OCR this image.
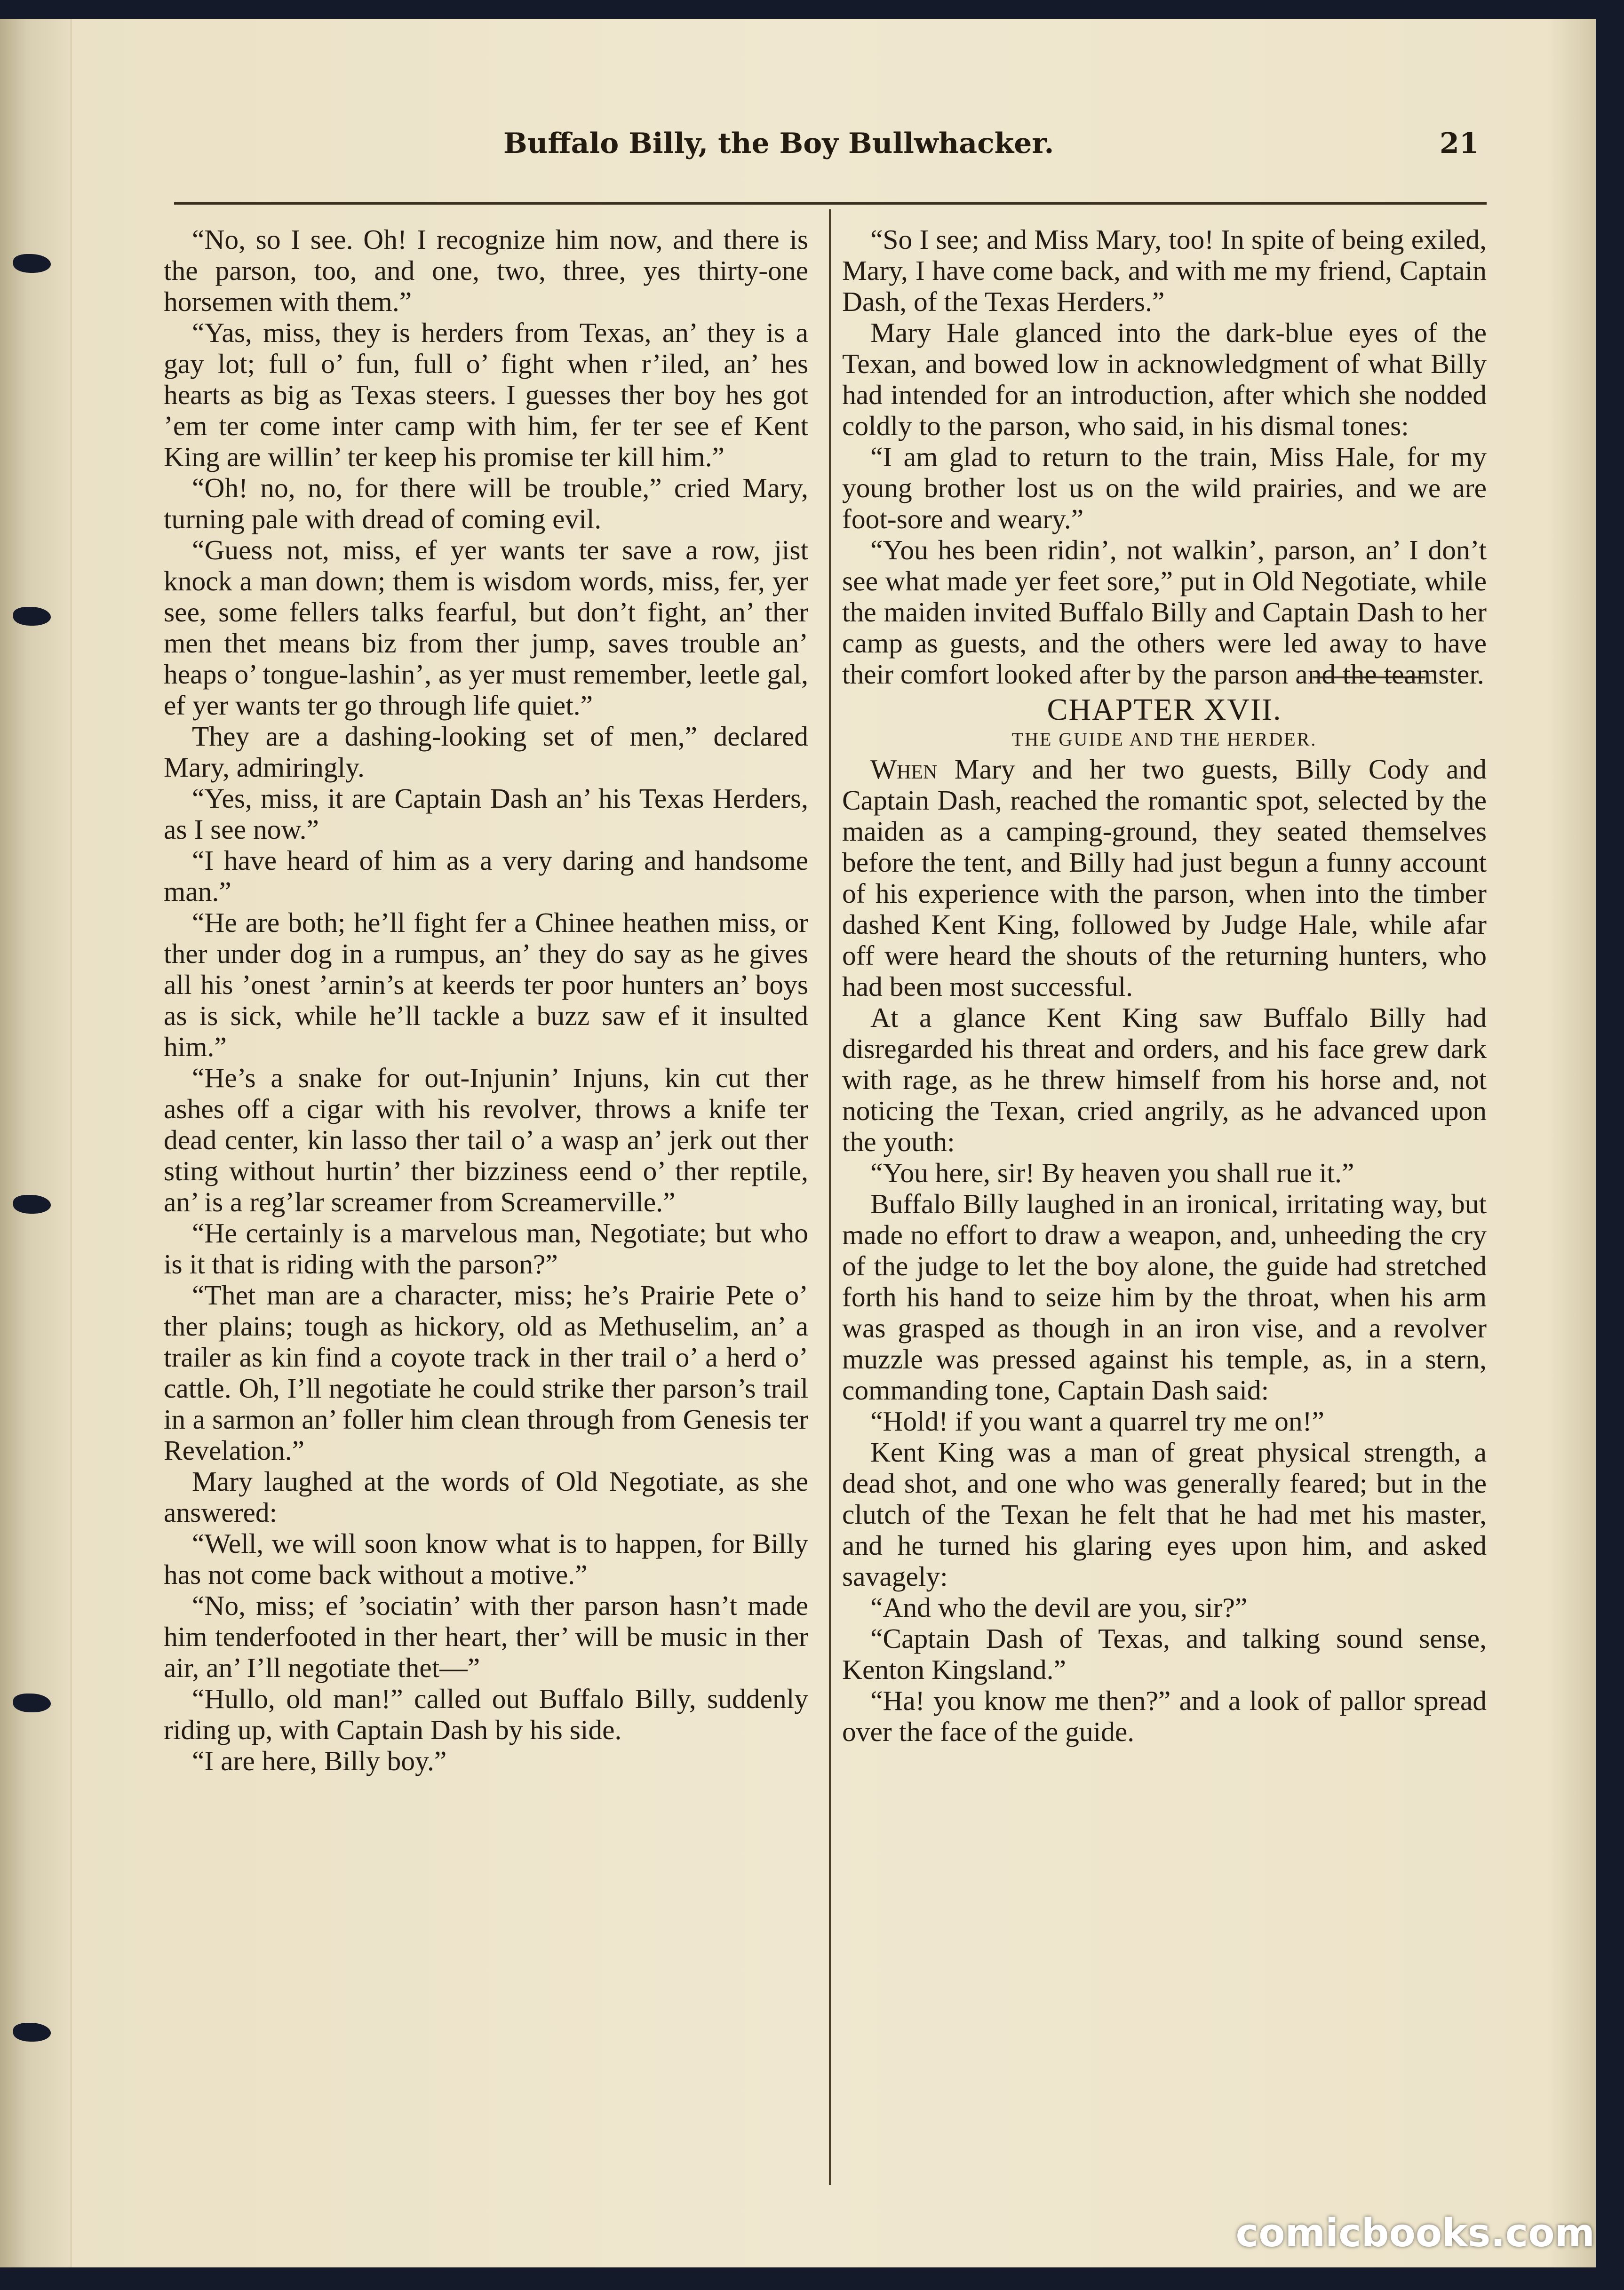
Buffalo Billy, the Boy Bullwhacker.	21

“No, so I see. Oh! I recognize him now, and there is the parson, too, and one, two, three, yes thirty-one horsemen with them.”

“Yas, miss, they is herders from Texas, an’ they is a gay lot; full o’ fun, full o’ fight when r’iled, an’ hes hearts as big as Texas steers. I guesses ther boy hes got ’em ter come inter camp with him, fer ter see ef Kent King are willin’ ter keep his promise ter kill him.”

“Oh! no, no, for there will be trouble,” cried Mary, turning pale with dread of coming evil.

“Guess not, miss, ef yer wants ter save a row, jist knock a man down; them is wisdom words, miss, fer, yer see, some fellers talks fearful, but don’t fight, an’ ther men thet means biz from ther jump, saves trouble an’ heaps o’ tongue-lashin’, as yer must remember, leetle gal, ef yer wants ter go through life quiet.”

They are a dashing-looking set of men,” declared Mary, admiringly.

“Yes, miss, it are Captain Dash an’ his Texas Herders, as I see now.”

“I have heard of him as a very daring and handsome man.”

“He are both; he’ll fight fer a Chinee heathen miss, or ther under dog in a rumpus, an’ they do say as he gives all his ’onest ’arnin’s at keerds ter poor hunters an’ boys as is sick, while he’ll tackle a buzz saw ef it insulted him.”

“He’s a snake for out-Injunin’ Injuns, kin cut ther ashes off a cigar with his revolver, throws a knife ter dead center, kin lasso ther tail o’ a wasp an’ jerk out ther sting without hurtin’ ther bizziness eend o’ ther reptile, an’ is a reg’lar screamer from Screamerville.”

“He certainly is a marvelous man, Negotiate; but who is it that is riding with the parson?”

“Thet man are a character, miss; he’s Prairie Pete o’ ther plains; tough as hickory, old as Methuselim, an’ a trailer as kin find a coyote track in ther trail o’ a herd o’ cattle. Oh, I’ll negotiate he could strike ther parson’s trail in a sarmon an’ foller him clean through from Genesis ter Revelation.”

Mary laughed at the words of Old Negotiate, as she answered:

“Well, we will soon know what is to happen, for Billy has not come back without a motive.”

“No, miss; ef ’sociatin’ with ther parson hasn’t made him tenderfooted in ther heart, ther’ will be music in ther air, an’ I’ll negotiate thet—”

“Hullo, old man!” called out Buffalo Billy, suddenly riding up, with Captain Dash by his side.

“I are here, Billy boy.”

“So I see; and Miss Mary, too! In spite of being exiled, Mary, I have come back, and with me my friend, Captain Dash, of the Texas Herders.”

Mary Hale glanced into the dark-blue eyes of the Texan, and bowed low in acknowledgment of what Billy had intended for an introduction, after which she nodded coldly to the parson, who said, in his dismal tones:

“I am glad to return to the train, Miss Hale, for my young brother lost us on the wild prairies, and we are foot-sore and weary.”

“You hes been ridin’, not walkin’, parson, an’ I don’t see what made yer feet sore,” put in Old Negotiate, while the maiden invited Buffalo Billy and Captain Dash to her camp as guests, and the others were led away to have their comfort looked after by the parson and the teamster.

CHAPTER XVII.

THE GUIDE AND THE HERDER.

When Mary and her two guests, Billy Cody and Captain Dash, reached the romantic spot, selected by the maiden as a camping-ground, they seated themselves before the tent, and Billy had just begun a funny account of his experience with the parson, when into the timber dashed Kent King, followed by Judge Hale, while afar off were heard the shouts of the returning hunters, who had been most successful.

At a glance Kent King saw Buffalo Billy had disregarded his threat and orders, and his face grew dark with rage, as he threw himself from his horse and, not noticing the Texan, cried angrily, as he advanced upon the youth:

“You here, sir! By heaven you shall rue it.”

Buffalo Billy laughed in an ironical, irritating way, but made no effort to draw a weapon, and, unheeding the cry of the judge to let the boy alone, the guide had stretched forth his hand to seize him by the throat, when his arm was grasped as though in an iron vise, and a revolver muzzle was pressed against his temple, as, in a stern, commanding tone, Captain Dash said:

“Hold! if you want a quarrel try me on!”

Kent King was a man of great physical strength, a dead shot, and one who was generally feared; but in the clutch of the Texan he felt that he had met his master, and he turned his glaring eyes upon him, and asked savagely:

“And who the devil are you, sir?”

“Captain Dash of Texas, and talking sound sense, Kenton Kingsland.”

“Ha! you know me then?” and a look of pallor spread over the face of the guide.

comicbooks.com
